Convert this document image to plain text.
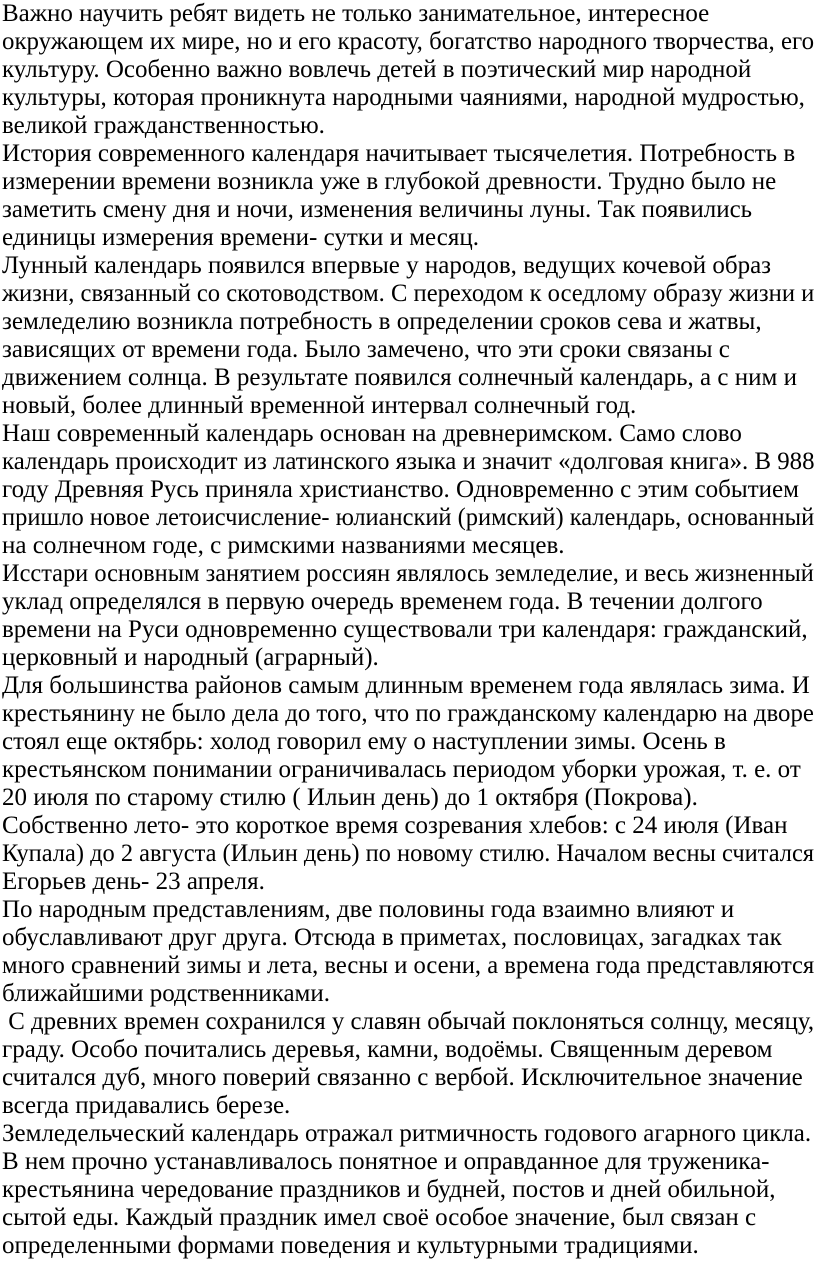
Важно научить ребят видеть не только занимательное, интересное
окружающем их мире, но и его красоту, богатство народного творчества, его
культуру. Особенно важно вовлечь детей в поэтический мир народной
культуры, которая проникнута народными чаяниями, народной мудростью,
великой гражданственностью.
История современного календаря начитывает тысячелетия. Потребность в
измерении времени возникла уже в глубокой древности. Трудно было не
заметить смену дня и ночи, изменения величины луны. Так появились
единицы измерения времени- сутки и месяц.
Лунный календарь появился впервые у народов, ведущих кочевой образ
жизни, связанный со скотоводством. С переходом к оседлому образу жизни и
земледелию возникла потребность в определении сроков сева и жатвы,
зависящих от времени года. Было замечено, что эти сроки связаны с
движением солнца. В результате появился солнечный календарь, а с ним и
новый, более длинный временной интервал солнечный год.
Наш современный календарь основан на древнеримском. Само слово
календарь происходит из латинского языка и значит «долговая книга». В 988
году Древняя Русь приняла христианство. Одновременно с этим событием
пришло новое летоисчисление- юлианский (римский) календарь, основанный
на солнечном годе, с римскими названиями месяцев.
Исстари основным занятием россиян являлось земледелие, и весь жизненный
уклад определялся в первую очередь временем года. В течении долгого
времени на Руси одновременно существовали три календаря: гражданский,
церковный и народный (аграрный).
Для большинства районов самым длинным временем года являлась зима. И
крестьянину не было дела до того, что по гражданскому календарю на дворе
стоял еще октябрь: холод говорил ему о наступлении зимы. Осень в
крестьянском понимании ограничивалась периодом уборки урожая, т. е. от
20 июля по старому стилю ( Ильин день) до 1 октября (Покрова).
Собственно лето- это короткое время созревания хлебов: с 24 июля (Иван
Купала) до 2 августа (Ильин день) по новому стилю. Началом весны считался
Егорьев день- 23 апреля.
По народным представлениям, две половины года взаимно влияют и
обуславливают друг друга. Отсюда в приметах, пословицах, загадках так
много сравнений зимы и лета, весны и осени, а времена года представляются
ближайшими родственниками.
С древних времен сохранился у славян обычай поклоняться солнцу, месяцу,
граду. Особо почитались деревья, камни, водоёмы. Священным деревом
считался дуб, много поверий связанно с вербой. Исключительное значение
всегда придавались березе.
Земледельческий календарь отражал ритмичность годового агарного цикла.
В нем прочно устанавливалось понятное и оправданное для труженика-
крестьянина чередование праздников и будней, постов и дней обильной,
сытой еды. Каждый праздник имел своё особое значение, был связан с
определенными формами поведения и культурными традициями.
